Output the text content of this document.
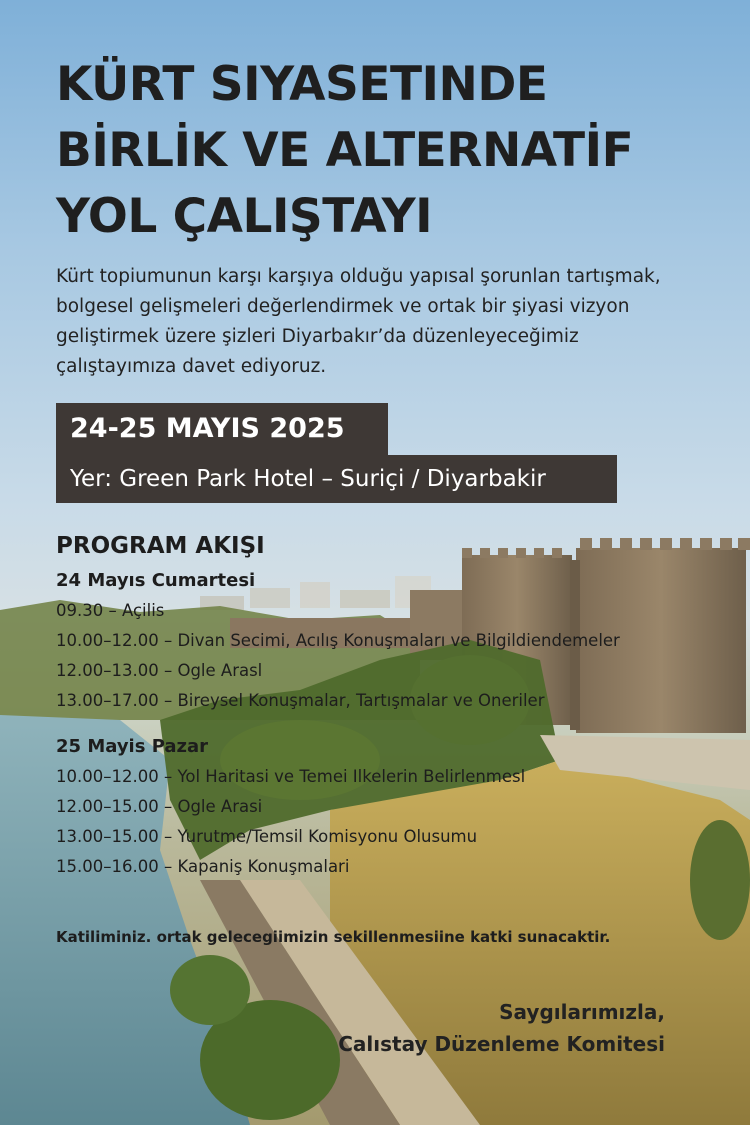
KÜRT SIYASETINDE
BİRLİK VE ALTERNATİF
YOL ÇALIŞTAYI

Kürt topiumunun karşı karşıya olduğu yapısal şorunlan tartışmak,
bolgesel gelişmeleri değerlendirmek ve ortak bir şiyasi vizyon
geliştirmek üzere şizleri Diyarbakır’da düzenleyeceğimiz
çalıştayımıza davet ediyoruz.

24-25 MAYIS 2025
Yer: Green Park Hotel – Suriçi / Diyarbakir
PROGRAM AKIŞI
24 Mayıs Cumartesi
09.30 – Açilis
10.00–12.00 – Divan Secimi, Acılış Konuşmaları ve Bilgildiendemeler
12.00–13.00 – Ogle Arasl
13.00–17.00 – Bireysel Konuşmalar, Tartışmalar ve Oneriler
25 Mayis Pazar
10.00–12.00 – Yol Haritasi ve Temei Ilkelerin Belirlenmesl
12.00–15.00 – Ogle Arasi
13.00–15.00 – Yurutme/Temsil Komisyonu Olusumu
15.00–16.00 – Kapaniş Konuşmalari

Katiliminiz. ortak gelecegiimizin sekillenmesiine katki sunacaktir.

Saygılarımızla,
Calıstay Düzenleme Komitesi
